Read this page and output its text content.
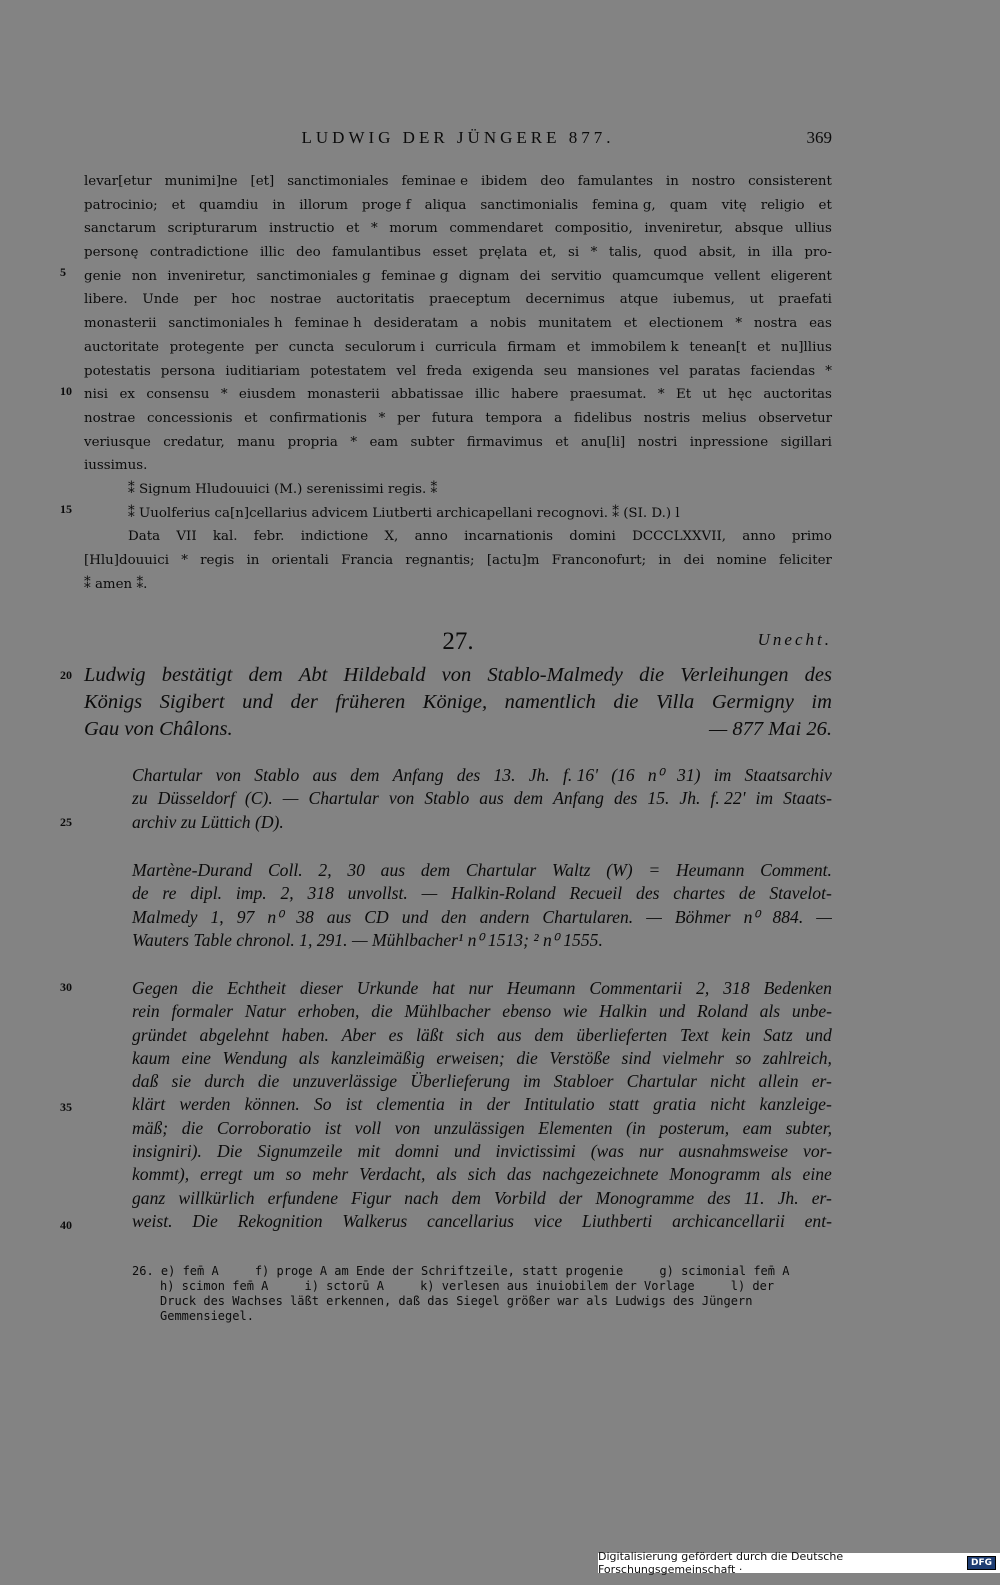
LUDWIG DER JÜNGERE 877.	369
levar[etur munimi]ne [et] sanctimoniales feminae e ibidem deo famulantes in nostro consisterent
patrocinio; et quamdiu in illorum proge f aliqua sanctimonialis femina g, quam vitę religio et
sanctarum scripturarum instructio et * morum commendaret compositio, inveniretur, absque ullius
personę contradictione illic deo famulantibus esset pręlata et, si * talis, quod absit, in illa pro-
genie non inveniretur, sanctimoniales g feminae g dignam dei servitio quamcumque vellent eligerent
libere. Unde per hoc nostrae auctoritatis praeceptum decernimus atque iubemus, ut praefati
monasterii sanctimoniales h feminae h desideratam a nobis munitatem et electionem * nostra eas
auctoritate protegente per cuncta seculorum i curricula firmam et immobilem k tenean[t et nu]llius
potestatis persona iuditiariam potestatem vel freda exigenda seu mansiones vel paratas faciendas *
nisi ex consensu * eiusdem monasterii abbatissae illic habere praesumat. * Et ut hęc auctoritas
nostrae concessionis et confirmationis * per futura tempora a fidelibus nostris melius observetur
veriusque credatur, manu propria * eam subter firmavimus et anu[li] nostri inpressione sigillari
iussimus.
⁑ Signum Hludouuici (M.) serenissimi regis. ⁑
⁑ Uuolferius ca[n]cellarius advicem Liutberti archicapellani recognovi. ⁑ (SI. D.) l
Data VII kal. febr. indictione X, anno incarnationis domini DCCCLXXVII, anno primo
[Hlu]douuici * regis in orientali Francia regnantis; [actu]m Franconofurt; in dei nomine feliciter
⁑ amen ⁑.
5
10
15
20
25
30
35
40
27.	Unecht.
Ludwig bestätigt dem Abt Hildebald von Stablo-Malmedy die Verleihungen des
Königs Sigibert und der früheren Könige, namentlich die Villa Germigny im
Gau von Châlons.	— 877 Mai 26.
Chartular von Stablo aus dem Anfang des 13. Jh. f. 16' (16 n⁰ 31) im Staatsarchiv
zu Düsseldorf (C). — Chartular von Stablo aus dem Anfang des 15. Jh. f. 22' im Staats-
archiv zu Lüttich (D).
Martène-Durand Coll. 2, 30 aus dem Chartular Waltz (W) = Heumann Comment.
de re dipl. imp. 2, 318 unvollst. — Halkin-Roland Recueil des chartes de Stavelot-
Malmedy 1, 97 n⁰ 38 aus CD und den andern Chartularen. — Böhmer n⁰ 884. —
Wauters Table chronol. 1, 291. — Mühlbacher¹ n⁰ 1513; ² n⁰ 1555.
Gegen die Echtheit dieser Urkunde hat nur Heumann Commentarii 2, 318 Bedenken
rein formaler Natur erhoben, die Mühlbacher ebenso wie Halkin und Roland als unbe-
gründet abgelehnt haben. Aber es läßt sich aus dem überlieferten Text kein Satz und
kaum eine Wendung als kanzleimäßig erweisen; die Verstöße sind vielmehr so zahlreich,
daß sie durch die unzuverlässige Überlieferung im Stabloer Chartular nicht allein er-
klärt werden können. So ist clementia in der Intitulatio statt gratia nicht kanzleige-
mäß; die Corroboratio ist voll von unzulässigen Elementen (in posterum, eam subter,
insigniri). Die Signumzeile mit domni und invictissimi (was nur ausnahmsweise vor-
kommt), erregt um so mehr Verdacht, als sich das nachgezeichnete Monogramm als eine
ganz willkürlich erfundene Figur nach dem Vorbild der Monogramme des 11. Jh. er-
weist. Die Rekognition Walkerus cancellarius vice Liuthberti archicancellarii ent-
26. e) fem̄ A     f) proge A am Ende der Schriftzeile, statt progenie     g) scimonial fem̄ A
h) scimon fem̄ A     i) sctorū A     k) verlesen aus inuiobilem der Vorlage     l) der
Druck des Wachses läßt erkennen, daß das Siegel größer war als Ludwigs des Jüngern
Gemmensiegel.
Digitalisierung gefördert durch die Deutsche Forschungsgemeinschaft ·	DFG
